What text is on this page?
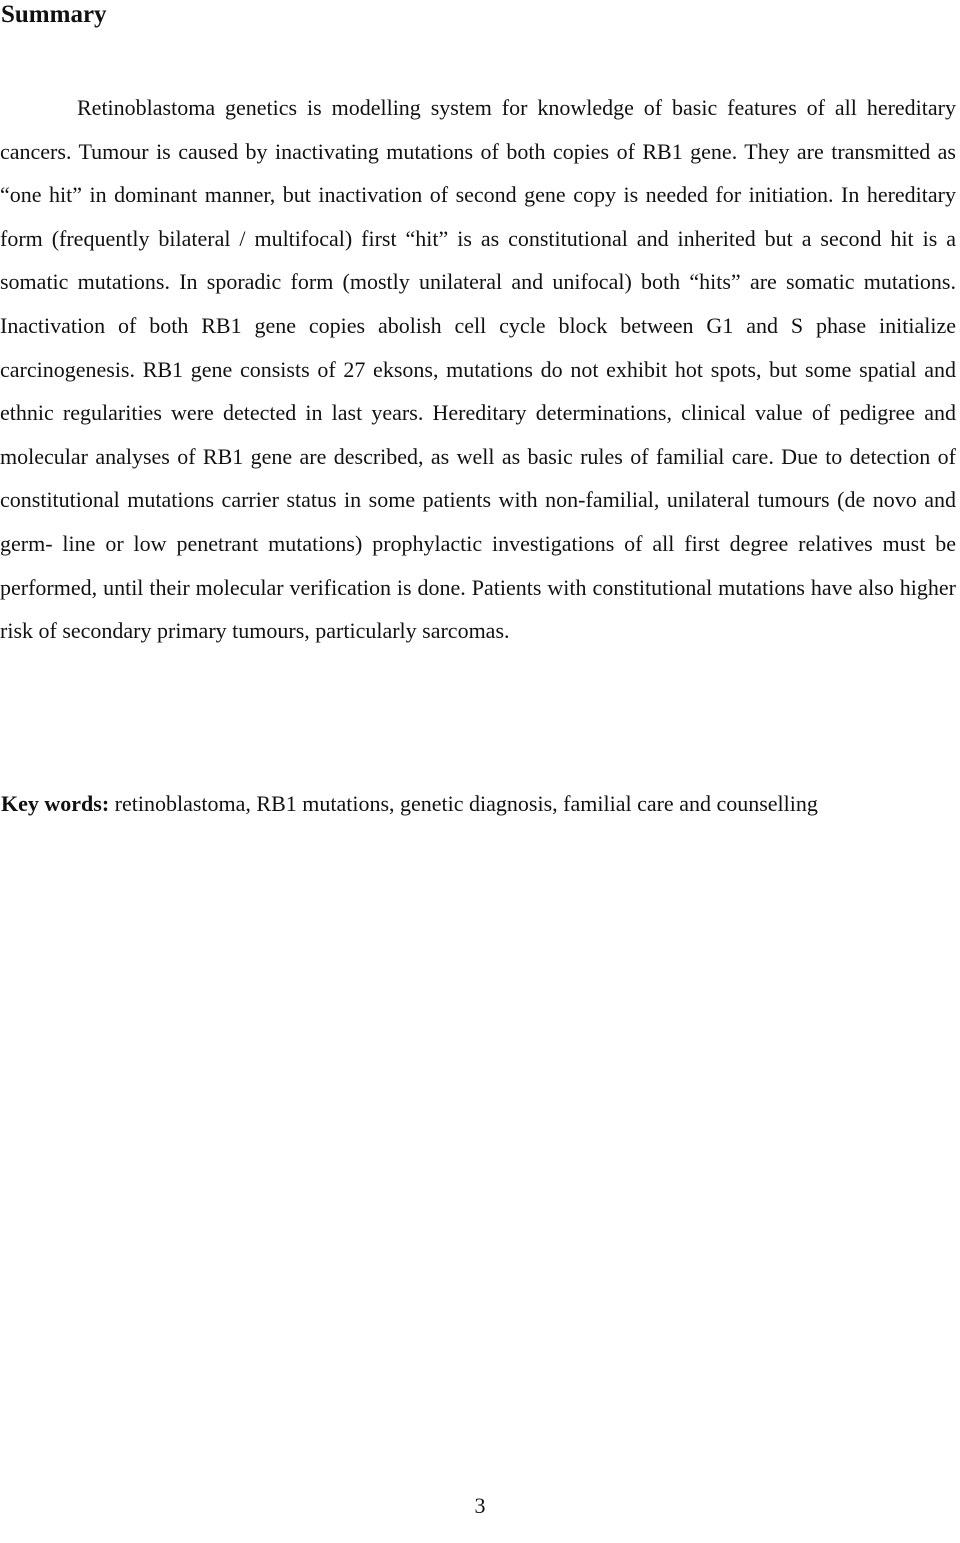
Summary

Retinoblastoma genetics is modelling system for knowledge of basic features of all hereditary cancers. Tumour is caused by inactivating mutations of both copies of RB1 gene. They are transmitted as “one hit” in dominant manner, but inactivation of second gene copy is needed for initiation. In hereditary form (frequently bilateral / multifocal) first “hit” is as constitutional and inherited but a second hit is a somatic mutations. In sporadic form (mostly unilateral and unifocal) both “hits” are somatic mutations. Inactivation of both RB1 gene copies abolish cell cycle block between G1 and S phase initialize carcinogenesis. RB1 gene consists of 27 eksons, mutations do not exhibit hot spots, but some spatial and ethnic regularities were detected in last years. Hereditary determinations, clinical value of pedigree and molecular analyses of RB1 gene are described, as well as basic rules of familial care. Due to detection of constitutional mutations carrier status in some patients with non-familial, unilateral tumours (de novo and germ- line or low penetrant mutations) prophylactic investigations of all first degree relatives must be performed, until their molecular verification is done. Patients with constitutional mutations have also higher risk of secondary primary tumours, particularly sarcomas.

Key words: retinoblastoma, RB1 mutations, genetic diagnosis, familial care and counselling

3
